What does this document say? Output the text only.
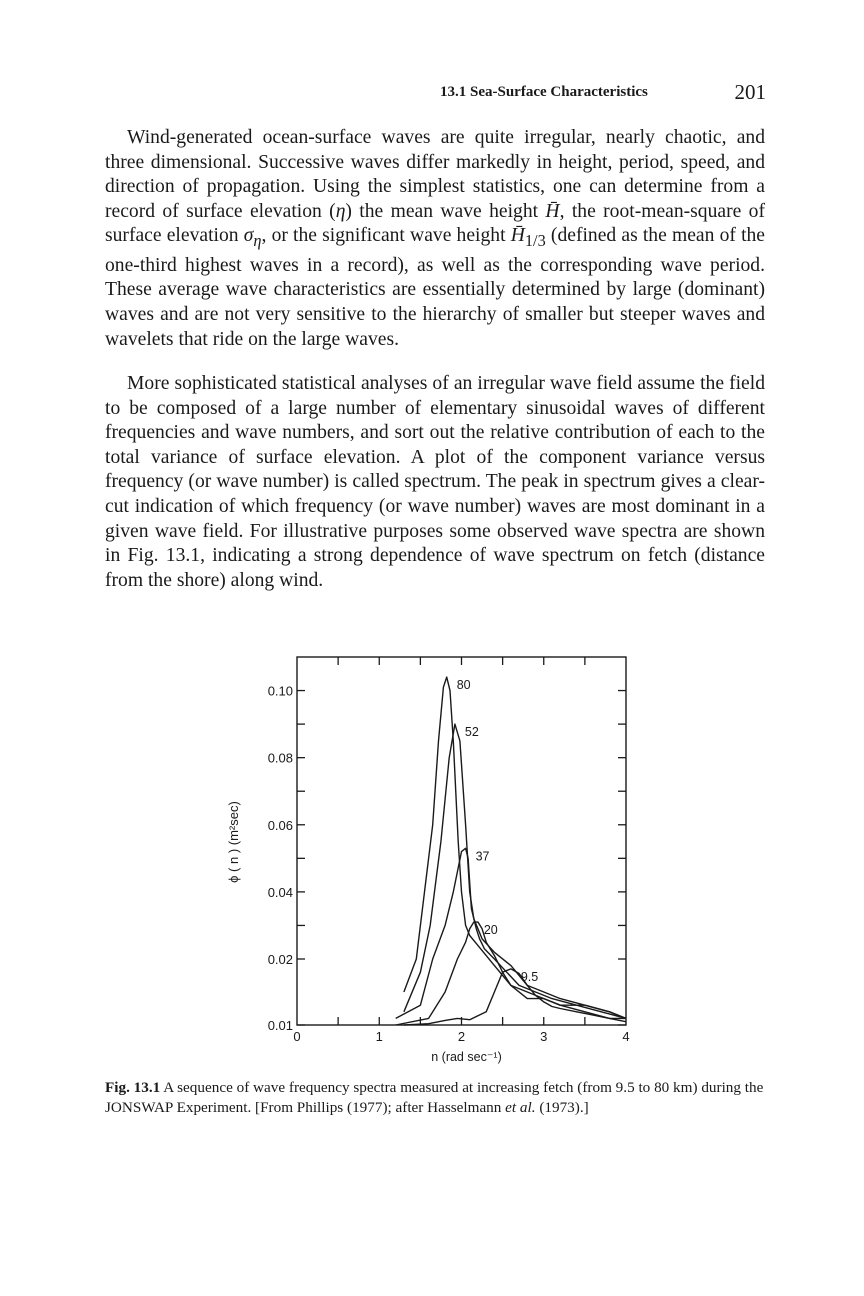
13.1 Sea-Surface Characteristics	201

Wind-generated ocean-surface waves are quite irregular, nearly chaotic, and three dimensional. Successive waves differ markedly in height, period, speed, and direction of propagation. Using the simplest statistics, one can determine from a record of surface elevation (η) the mean wave height H̄, the root-mean-square of surface elevation $\sigma_\eta$, or the significant wave height $H̄_{1/3}$ (defined as the mean of the one-third highest waves in a record), as well as the corresponding wave period. These average wave characteristics are essentially determined by large (dominant) waves and are not very sensitive to the hierarchy of smaller but steeper waves and wavelets that ride on the large waves.

More sophisticated statistical analyses of an irregular wave field assume the field to be composed of a large number of elementary sinusoidal waves of different frequencies and wave numbers, and sort out the relative contribution of each to the total variance of surface elevation. A plot of the component variance versus frequency (or wave number) is called spectrum. The peak in spectrum gives a clear-cut indication of which frequency (or wave number) waves are most dominant in a given wave field. For illustrative purposes some observed wave spectra are shown in Fig. 13.1, indicating a strong dependence of wave spectrum on fetch (distance from the shore) along wind.

0.01
0.02
0.04
0.06
0.08
0.10
0	1	2	3	4
n (rad sec⁻¹)
ϕ ( n ) (m²sec)
80
52
37
20
9.5
Fig. 13.1 A sequence of wave frequency spectra measured at increasing fetch (from 9.5 to 80 km) during the JONSWAP Experiment. [From Phillips (1977); after Hasselmann et al. (1973).]
